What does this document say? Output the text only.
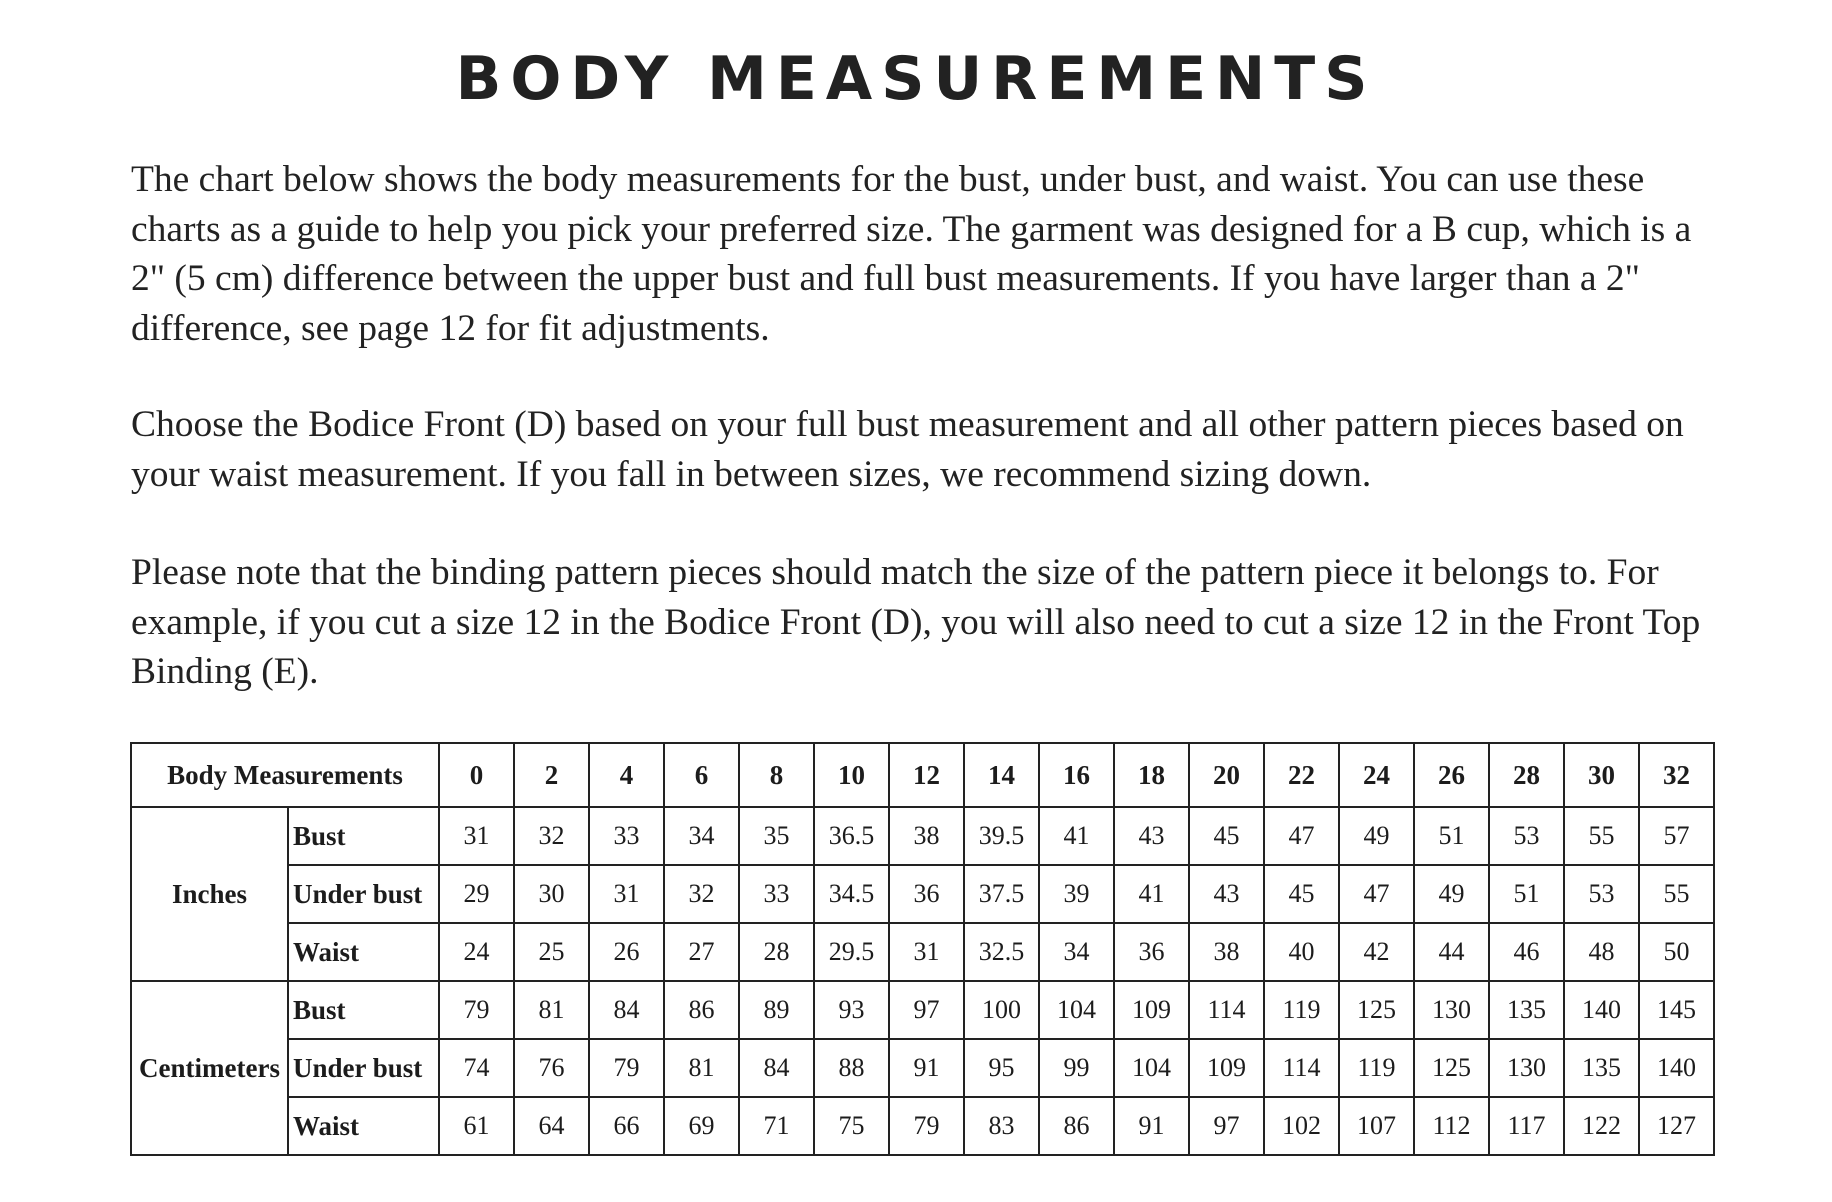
BODY MEASUREMENTS
The chart below shows the body measurements for the bust, under bust, and waist. You can use these charts as a guide to help you pick your preferred size. The garment was designed for a B cup, which is a 2" (5 cm) difference between the upper bust and full bust measurements. If you have larger than a 2" difference, see page 12 for fit adjustments.
Choose the Bodice Front (D) based on your full bust measurement and all other pattern pieces based on your waist measurement. If you fall in between sizes, we recommend sizing down.
Please note that the binding pattern pieces should match the size of the pattern piece it belongs to. For example, if you cut a size 12 in the Bodice Front (D), you will also need to cut a size 12 in the Front Top Binding (E).
Body Measurements		0	2	4	6	8	10	12	14	16	18	20	22	24	26	28	30	32
Inches	Bust	31	32	33	34	35	36.5	38	39.5	41	43	45	47	49	51	53	55	57
	Under bust	29	30	31	32	33	34.5	36	37.5	39	41	43	45	47	49	51	53	55
	Waist	24	25	26	27	28	29.5	31	32.5	34	36	38	40	42	44	46	48	50
Centimeters	Bust	79	81	84	86	89	93	97	100	104	109	114	119	125	130	135	140	145
	Under bust	74	76	79	81	84	88	91	95	99	104	109	114	119	125	130	135	140
	Waist	61	64	66	69	71	75	79	83	86	91	97	102	107	112	117	122	127
